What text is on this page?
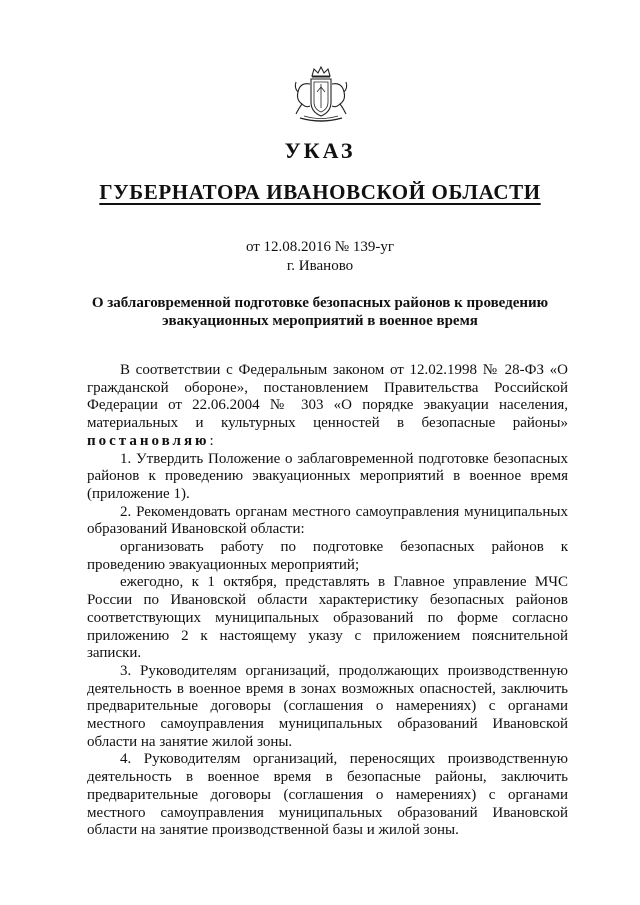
УКАЗ
ГУБЕРНАТОРА ИВАНОВСКОЙ ОБЛАСТИ
от 12.08.2016 № 139-уг
г. Иваново
О заблаговременной подготовке безопасных районов к проведению
эвакуационных мероприятий в военное время

В соответствии с Федеральным законом от 12.02.1998 № 28-ФЗ «О гражданской обороне», постановлением Правительства Российской Федерации от 22.06.2004 № 303 «О порядке эвакуации населения, материальных и культурных ценностей в безопасные районы» постановляю:

1. Утвердить Положение о заблаговременной подготовке безопасных районов к проведению эвакуационных мероприятий в военное время (приложение 1).

2. Рекомендовать органам местного самоуправления муниципальных образований Ивановской области:

организовать работу по подготовке безопасных районов к проведению эвакуационных мероприятий;

ежегодно, к 1 октября, представлять в Главное управление МЧС России по Ивановской области характеристику безопасных районов соответствующих муниципальных образований по форме согласно приложению 2 к настоящему указу с приложением пояснительной записки.

3. Руководителям организаций, продолжающих производственную деятельность в военное время в зонах возможных опасностей, заключить предварительные договоры (соглашения о намерениях) с органами местного самоуправления муниципальных образований Ивановской области на занятие жилой зоны.

4. Руководителям организаций, переносящих производственную деятельность в военное время в безопасные районы, заключить предварительные договоры (соглашения о намерениях) с органами местного самоуправления муниципальных образований Ивановской области на занятие производственной базы и жилой зоны.
